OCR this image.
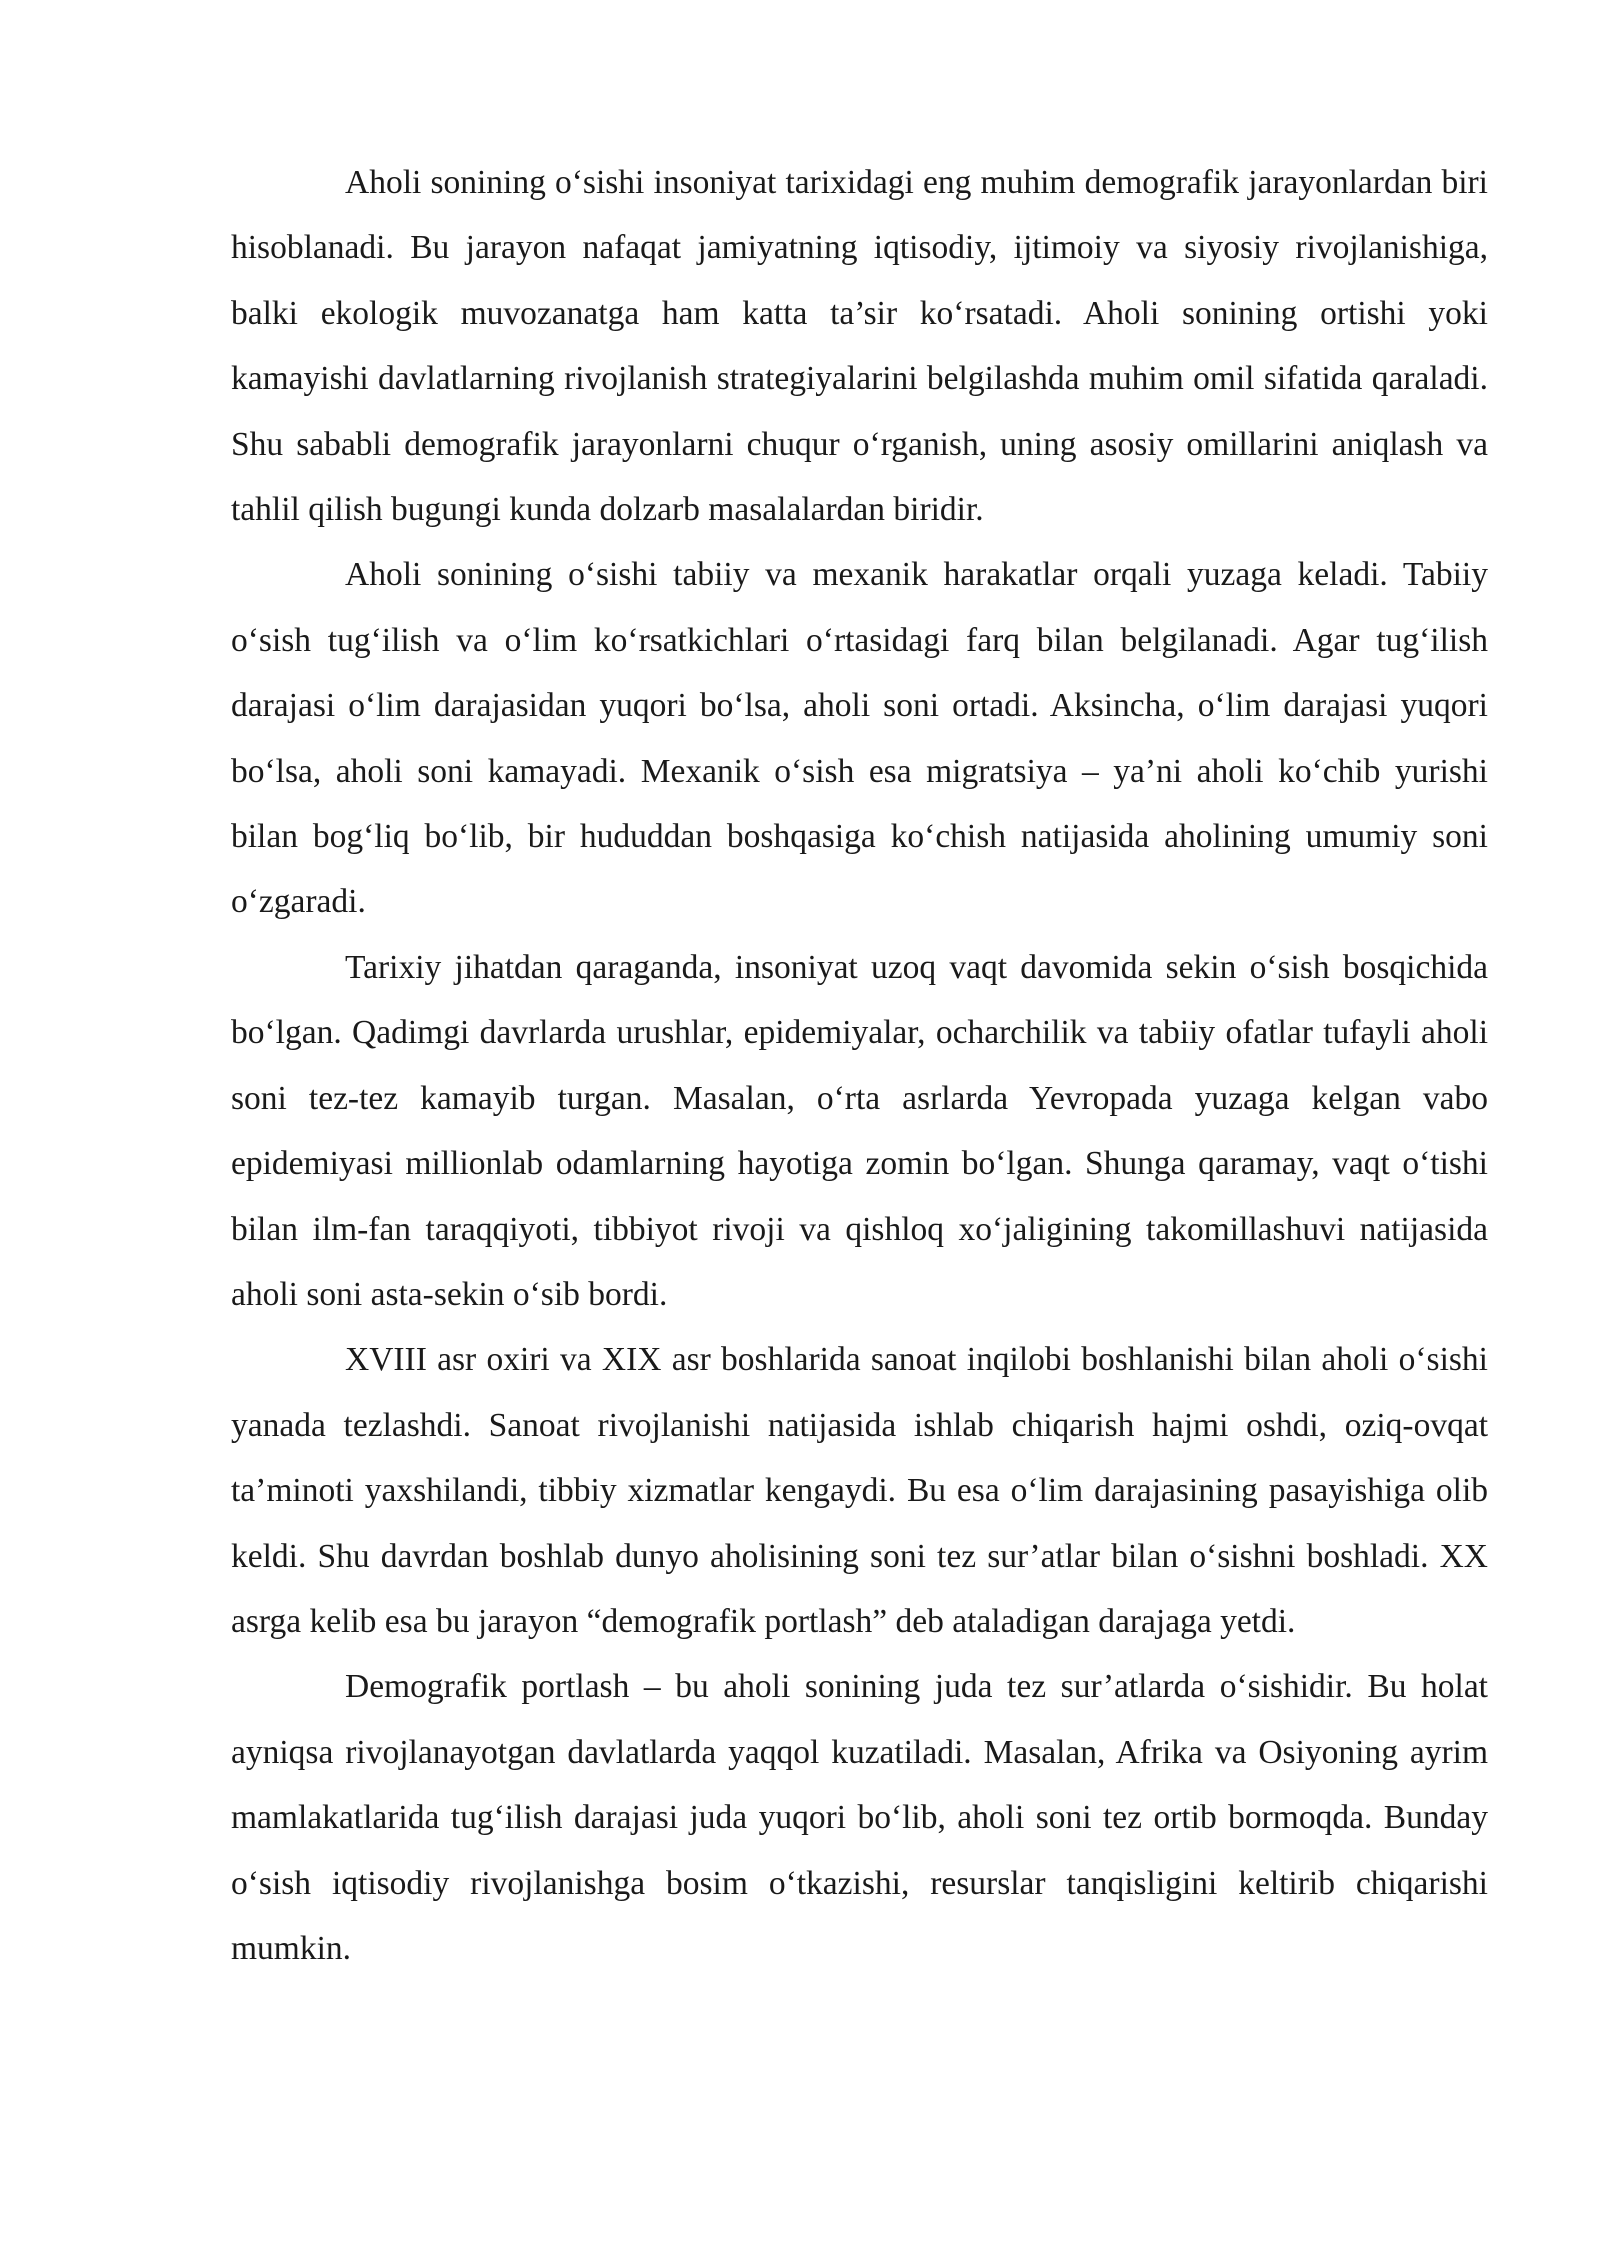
Aholi sonining o‘sishi insoniyat tarixidagi eng muhim demografik jarayonlardan biri hisoblanadi. Bu jarayon nafaqat jamiyatning iqtisodiy, ijtimoiy va siyosiy rivojlanishiga, balki ekologik muvozanatga ham katta ta’sir ko‘rsatadi. Aholi sonining ortishi yoki kamayishi davlatlarning rivojlanish strategiyalarini belgilashda muhim omil sifatida qaraladi. Shu sababli demografik jarayonlarni chuqur o‘rganish, uning asosiy omillarini aniqlash va tahlil qilish bugungi kunda dolzarb masalalardan biridir.

Aholi sonining o‘sishi tabiiy va mexanik harakatlar orqali yuzaga keladi. Tabiiy o‘sish tug‘ilish va o‘lim ko‘rsatkichlari o‘rtasidagi farq bilan belgilanadi. Agar tug‘ilish darajasi o‘lim darajasidan yuqori bo‘lsa, aholi soni ortadi. Aksincha, o‘lim darajasi yuqori bo‘lsa, aholi soni kamayadi. Mexanik o‘sish esa migratsiya – ya’ni aholi ko‘chib yurishi bilan bog‘liq bo‘lib, bir hududdan boshqasiga ko‘chish natijasida aholining umumiy soni o‘zgaradi.

Tarixiy jihatdan qaraganda, insoniyat uzoq vaqt davomida sekin o‘sish bosqichida bo‘lgan. Qadimgi davrlarda urushlar, epidemiyalar, ocharchilik va tabiiy ofatlar tufayli aholi soni tez-tez kamayib turgan. Masalan, o‘rta asrlarda Yevropada yuzaga kelgan vabo epidemiyasi millionlab odamlarning hayotiga zomin bo‘lgan. Shunga qaramay, vaqt o‘tishi bilan ilm-fan taraqqiyoti, tibbiyot rivoji va qishloq xo‘jaligining takomillashuvi natijasida aholi soni asta-sekin o‘sib bordi.

XVIII asr oxiri va XIX asr boshlarida sanoat inqilobi boshlanishi bilan aholi o‘sishi yanada tezlashdi. Sanoat rivojlanishi natijasida ishlab chiqarish hajmi oshdi, oziq-ovqat ta’minoti yaxshilandi, tibbiy xizmatlar kengaydi. Bu esa o‘lim darajasining pasayishiga olib keldi. Shu davrdan boshlab dunyo aholisining soni tez sur’atlar bilan o‘sishni boshladi. XX asrga kelib esa bu jarayon “demografik portlash” deb ataladigan darajaga yetdi.

Demografik portlash – bu aholi sonining juda tez sur’atlarda o‘sishidir. Bu holat ayniqsa rivojlanayotgan davlatlarda yaqqol kuzatiladi. Masalan, Afrika va Osiyoning ayrim mamlakatlarida tug‘ilish darajasi juda yuqori bo‘lib, aholi soni tez ortib bormoqda. Bunday o‘sish iqtisodiy rivojlanishga bosim o‘tkazishi, resurslar tanqisligini keltirib chiqarishi mumkin.
